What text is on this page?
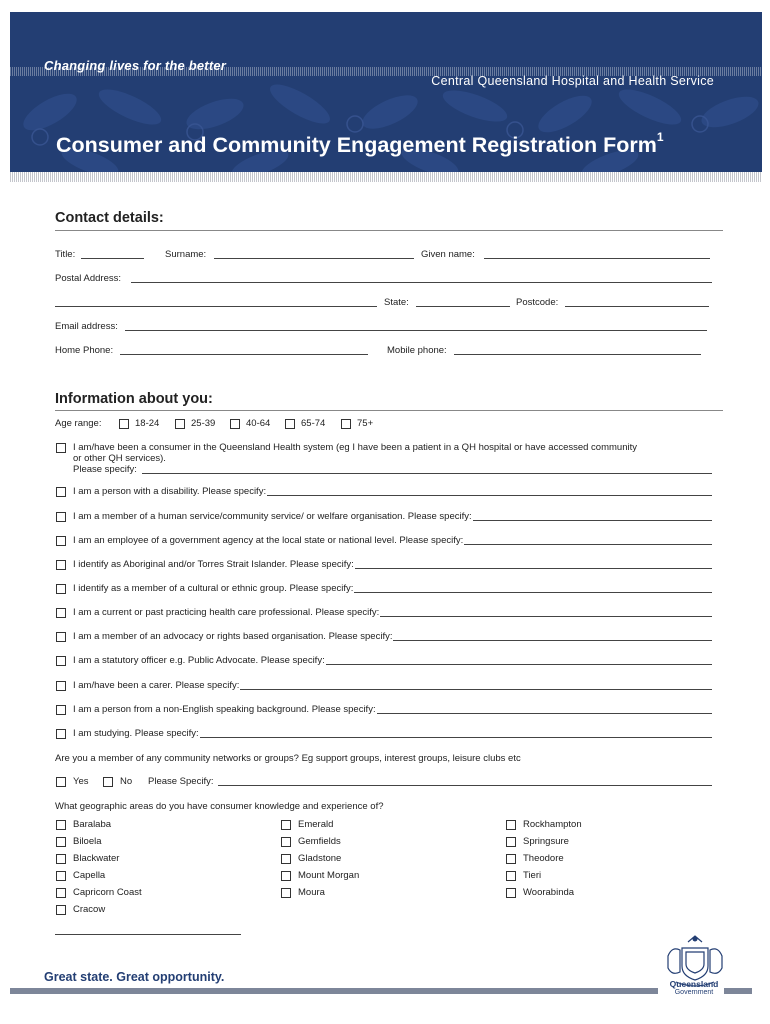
Changing lives for the better
Central Queensland Hospital and Health Service
Consumer and Community Engagement Registration Form$^1$
Contact details:
Title:	Surname:	Given name:
Postal Address:
State:	Postcode:
Email address:
Home Phone:	Mobile phone:
Information about you:
Age range:	18-24	25-39	40-64	65-74	75+
I am/have been a consumer in the Queensland Health system (eg I have been a patient in a QH hospital or have accessed community
or other QH services).
Please specify:
I am a person with a disability. Please specify:
I am a member of a human service/community service/ or welfare organisation. Please specify:
I am an employee of a government agency at the local state or national level. Please specify:
I identify as Aboriginal and/or Torres Strait Islander. Please specify:
I identify as a member of a cultural or ethnic group. Please specify:
I am a current or past practicing health care professional. Please specify:
I am a member of an advocacy or rights based organisation. Please specify:
I am a statutory officer e.g. Public Advocate. Please specify:
I am/have been a carer. Please specify:
I am a person from a non-English speaking background. Please specify:
I am studying. Please specify:
Are you a member of any community networks or groups? Eg support groups, interest groups, leisure clubs etc
Yes	No Please Specify:
What geographic areas do you have consumer knowledge and experience of?
Baralaba
Biloela
Blackwater
Capella
Capricorn Coast
Cracow
Emerald
Gemfields
Gladstone
Mount Morgan
Moura
Rockhampton
Springsure
Theodore
Tieri
Woorabinda
Great state. Great opportunity.	Queensland
Government
